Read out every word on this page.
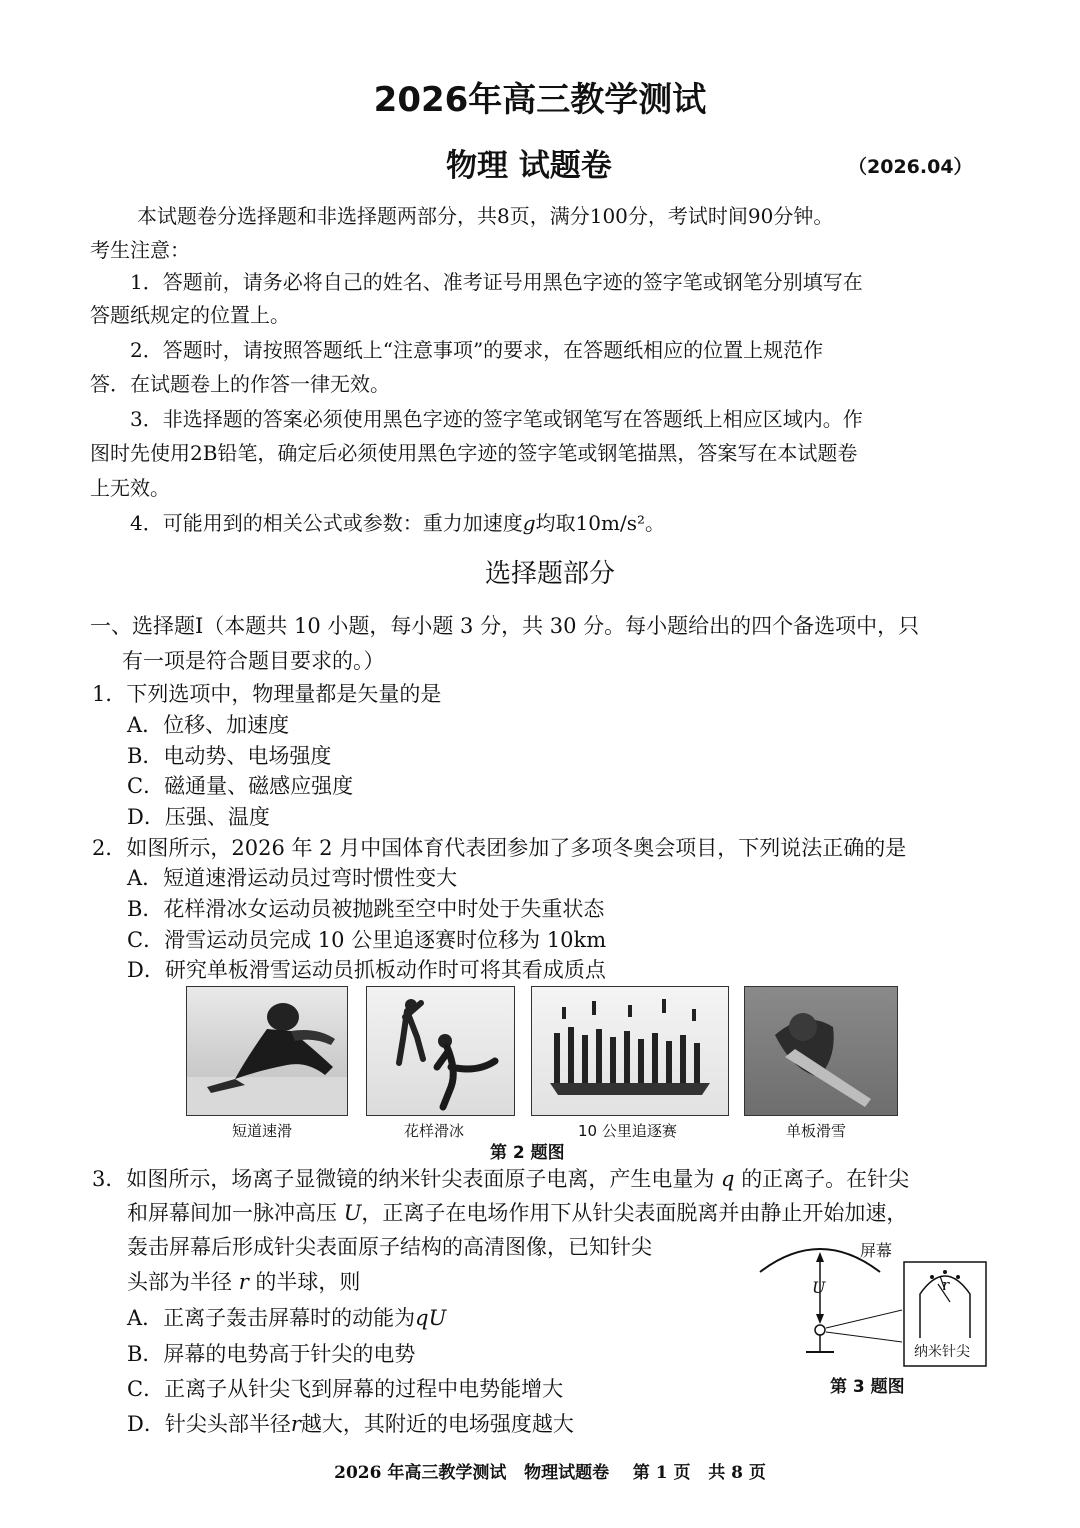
2026年高三教学测试
物理 试题卷	（2026.04）
本试题卷分选择题和非选择题两部分，共8页，满分100分，考试时间90分钟。
考生注意：
1．答题前，请务必将自己的姓名、准考证号用黑色字迹的签字笔或钢笔分别填写在
答题纸规定的位置上。
2．答题时，请按照答题纸上“注意事项”的要求，在答题纸相应的位置上规范作
答．在试题卷上的作答一律无效。
3．非选择题的答案必须使用黑色字迹的签字笔或钢笔写在答题纸上相应区域内。作
图时先使用2B铅笔，确定后必须使用黑色字迹的签字笔或钢笔描黑，答案写在本试题卷
上无效。
4．可能用到的相关公式或参数：重力加速度g均取10m/s²。
选择题部分
一、选择题Ⅰ（本题共 10 小题，每小题 3 分，共 30 分。每小题给出的四个备选项中，只
有一项是符合题目要求的。）
1．下列选项中，物理量都是矢量的是
A．位移、加速度
B．电动势、电场强度
C．磁通量、磁感应强度
D．压强、温度
2．如图所示，2026 年 2 月中国体育代表团参加了多项冬奥会项目，下列说法正确的是
A．短道速滑运动员过弯时惯性变大
B．花样滑冰女运动员被抛跳至空中时处于失重状态
C．滑雪运动员完成 10 公里追逐赛时位移为 10km
D．研究单板滑雪运动员抓板动作时可将其看成质点
短道速滑	花样滑冰	10 公里追逐赛	单板滑雪
第 2 题图
3．如图所示，场离子显微镜的纳米针尖表面原子电离，产生电量为 q 的正离子。在针尖
和屏幕间加一脉冲高压 U，正离子在电场作用下从针尖表面脱离并由静止开始加速，
轰击屏幕后形成针尖表面原子结构的高清图像，已知针尖
头部为半径 r 的半球，则
A．正离子轰击屏幕时的动能为qU
B．屏幕的电势高于针尖的电势
C．正离子从针尖飞到屏幕的过程中电势能增大
D．针尖头部半径r越大，其附近的电场强度越大
屏幕
U	r
纳米针尖
第 3 题图
2026 年高三教学测试   物理试题卷    第 1 页   共 8 页
